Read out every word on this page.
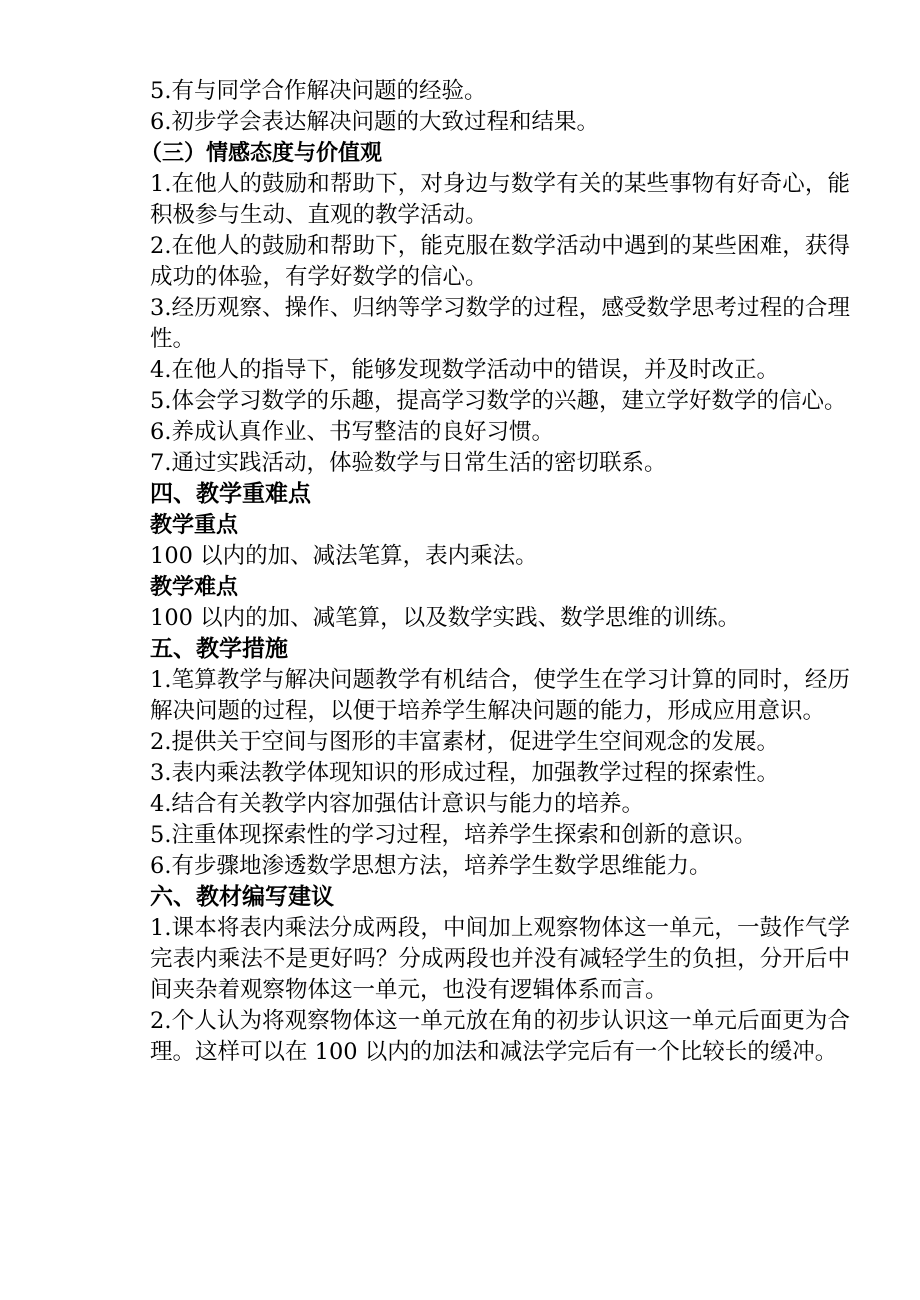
5.有与同学合作解决问题的经验。

6.初步学会表达解决问题的大致过程和结果。

（三）情感态度与价值观

1.在他人的鼓励和帮助下，对身边与数学有关的某些事物有好奇心，能积极参与生动、直观的教学活动。

2.在他人的鼓励和帮助下，能克服在数学活动中遇到的某些困难，获得成功的体验，有学好数学的信心。

3.经历观察、操作、归纳等学习数学的过程，感受数学思考过程的合理性。

4.在他人的指导下，能够发现数学活动中的错误，并及时改正。

5.体会学习数学的乐趣，提高学习数学的兴趣，建立学好数学的信心。

6.养成认真作业、书写整洁的良好习惯。

7.通过实践活动，体验数学与日常生活的密切联系。

四、教学重难点

教学重点

100 以内的加、减法笔算，表内乘法。

教学难点

100 以内的加、减笔算，以及数学实践、数学思维的训练。

五、教学措施

1.笔算教学与解决问题教学有机结合，使学生在学习计算的同时，经历解决问题的过程，以便于培养学生解决问题的能力，形成应用意识。

2.提供关于空间与图形的丰富素材，促进学生空间观念的发展。

3.表内乘法教学体现知识的形成过程，加强教学过程的探索性。

4.结合有关教学内容加强估计意识与能力的培养。

5.注重体现探索性的学习过程，培养学生探索和创新的意识。

6.有步骤地渗透数学思想方法，培养学生数学思维能力。

六、教材编写建议

1.课本将表内乘法分成两段，中间加上观察物体这一单元，一鼓作气学完表内乘法不是更好吗？分成两段也并没有减轻学生的负担，分开后中间夹杂着观察物体这一单元，也没有逻辑体系而言。

2.个人认为将观察物体这一单元放在角的初步认识这一单元后面更为合理。这样可以在 100 以内的加法和减法学完后有一个比较长的缓冲。
